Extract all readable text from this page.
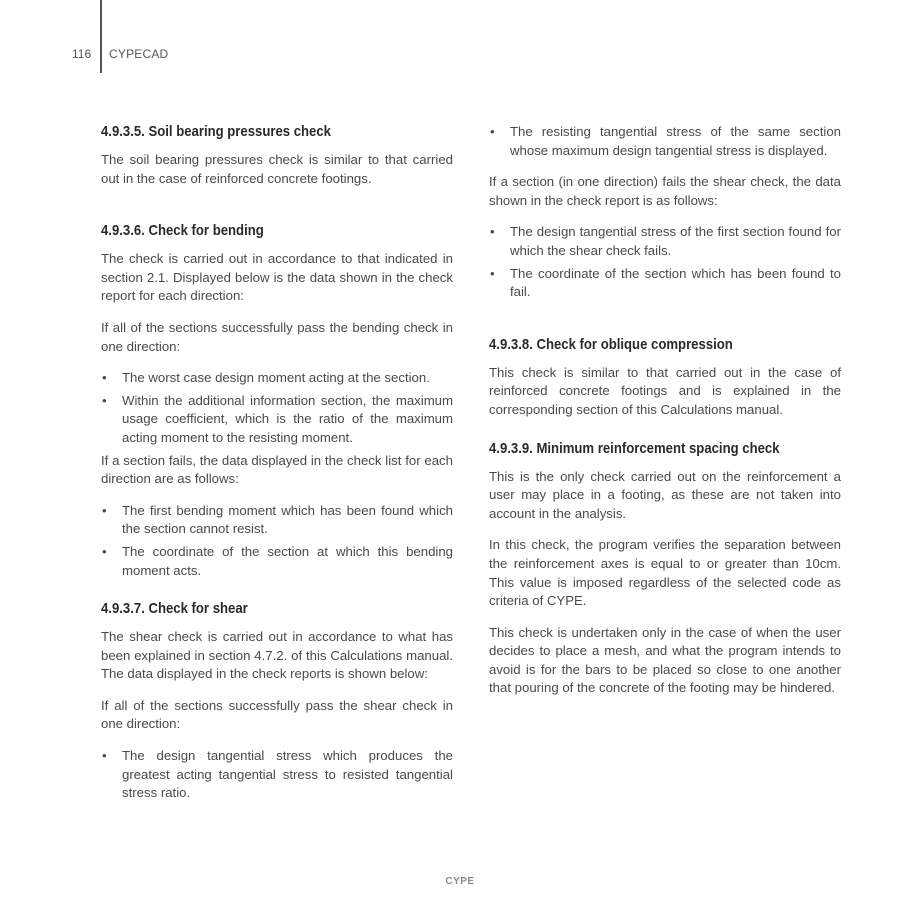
116 CYPECAD
4.9.3.5. Soil bearing pressures check

The soil bearing pressures check is similar to that carried out in the case of reinforced concrete footings.

4.9.3.6. Check for bending

The check is carried out in accordance to that indicated in section 2.1. Displayed below is the data shown in the check report for each direction:

If all of the sections successfully pass the bending check in one direction:

• The worst case design moment acting at the section.
• Within the additional information section, the maximum usage coefficient, which is the ratio of the maximum acting moment to the resisting moment.

If a section fails, the data displayed in the check list for each direction are as follows:

• The first bending moment which has been found which the section cannot resist.
• The coordinate of the section at which this bending moment acts.
4.9.3.7. Check for shear

The shear check is carried out in accordance to what has been explained in section 4.7.2. of this Calculations manual. The data displayed in the check reports is shown below:

If all of the sections successfully pass the shear check in one direction:

• The design tangential stress which produces the greatest acting tangential stress to resisted tangential stress ratio.
• The resisting tangential stress of the same section whose maximum design tangential stress is displayed.

If a section (in one direction) fails the shear check, the data shown in the check report is as follows:

• The design tangential stress of the first section found for which the shear check fails.
• The coordinate of the section which has been found to fail.
4.9.3.8. Check for oblique compression

This check is similar to that carried out in the case of reinforced concrete footings and is explained in the corresponding section of this Calculations manual.

4.9.3.9. Minimum reinforcement spacing check

This is the only check carried out on the reinforcement a user may place in a footing, as these are not taken into account in the analysis.

In this check, the program verifies the separation between the reinforcement axes is equal to or greater than 10cm. This value is imposed regardless of the selected code as criteria of CYPE.

This check is undertaken only in the case of when the user decides to place a mesh, and what the program intends to avoid is for the bars to be placed so close to one another that pouring of the concrete of the footing may be hindered.

CYPE
